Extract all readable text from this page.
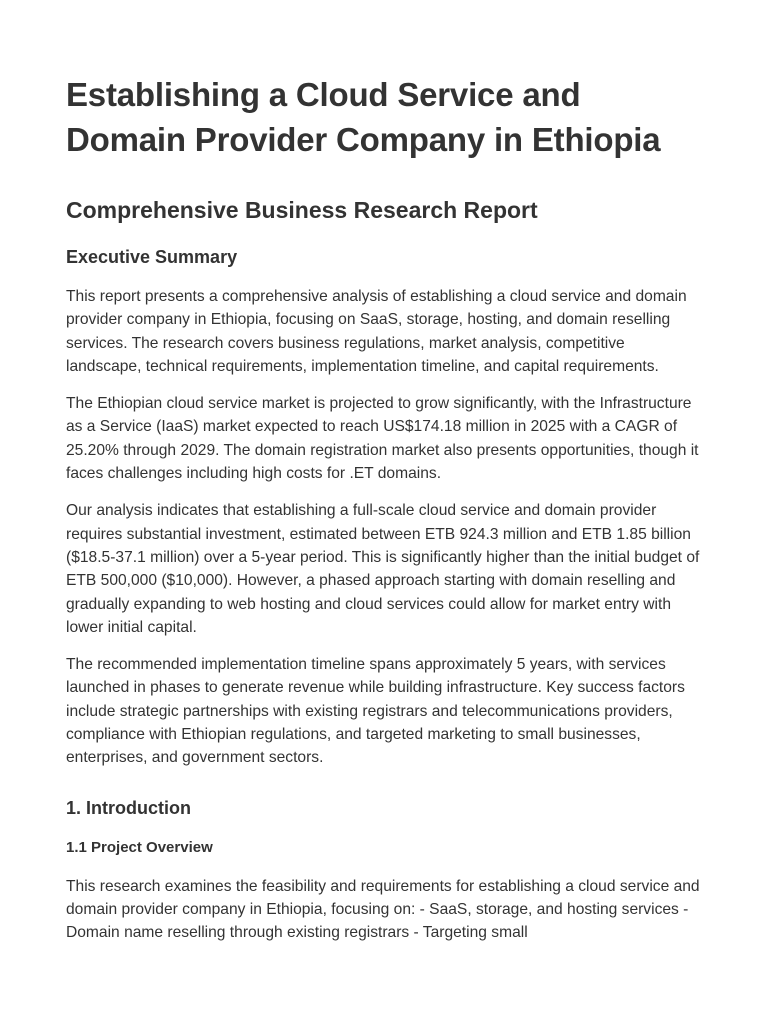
Establishing a Cloud Service and Domain Provider Company in Ethiopia
Comprehensive Business Research Report
Executive Summary

This report presents a comprehensive analysis of establishing a cloud service and domain provider company in Ethiopia, focusing on SaaS, storage, hosting, and domain reselling services. The research covers business regulations, market analysis, competitive landscape, technical requirements, implementation timeline, and capital requirements.

The Ethiopian cloud service market is projected to grow significantly, with the Infrastructure as a Service (IaaS) market expected to reach US$174.18 million in 2025 with a CAGR of 25.20% through 2029. The domain registration market also presents opportunities, though it faces challenges including high costs for .ET domains.

Our analysis indicates that establishing a full-scale cloud service and domain provider requires substantial investment, estimated between ETB 924.3 million and ETB 1.85 billion ($18.5-37.1 million) over a 5-year period. This is significantly higher than the initial budget of ETB 500,000 ($10,000). However, a phased approach starting with domain reselling and gradually expanding to web hosting and cloud services could allow for market entry with lower initial capital.

The recommended implementation timeline spans approximately 5 years, with services launched in phases to generate revenue while building infrastructure. Key success factors include strategic partnerships with existing registrars and telecommunications providers, compliance with Ethiopian regulations, and targeted marketing to small businesses, enterprises, and government sectors.

1. Introduction
1.1 Project Overview

This research examines the feasibility and requirements for establishing a cloud service and domain provider company in Ethiopia, focusing on: - SaaS, storage, and hosting services - Domain name reselling through existing registrars - Targeting small
